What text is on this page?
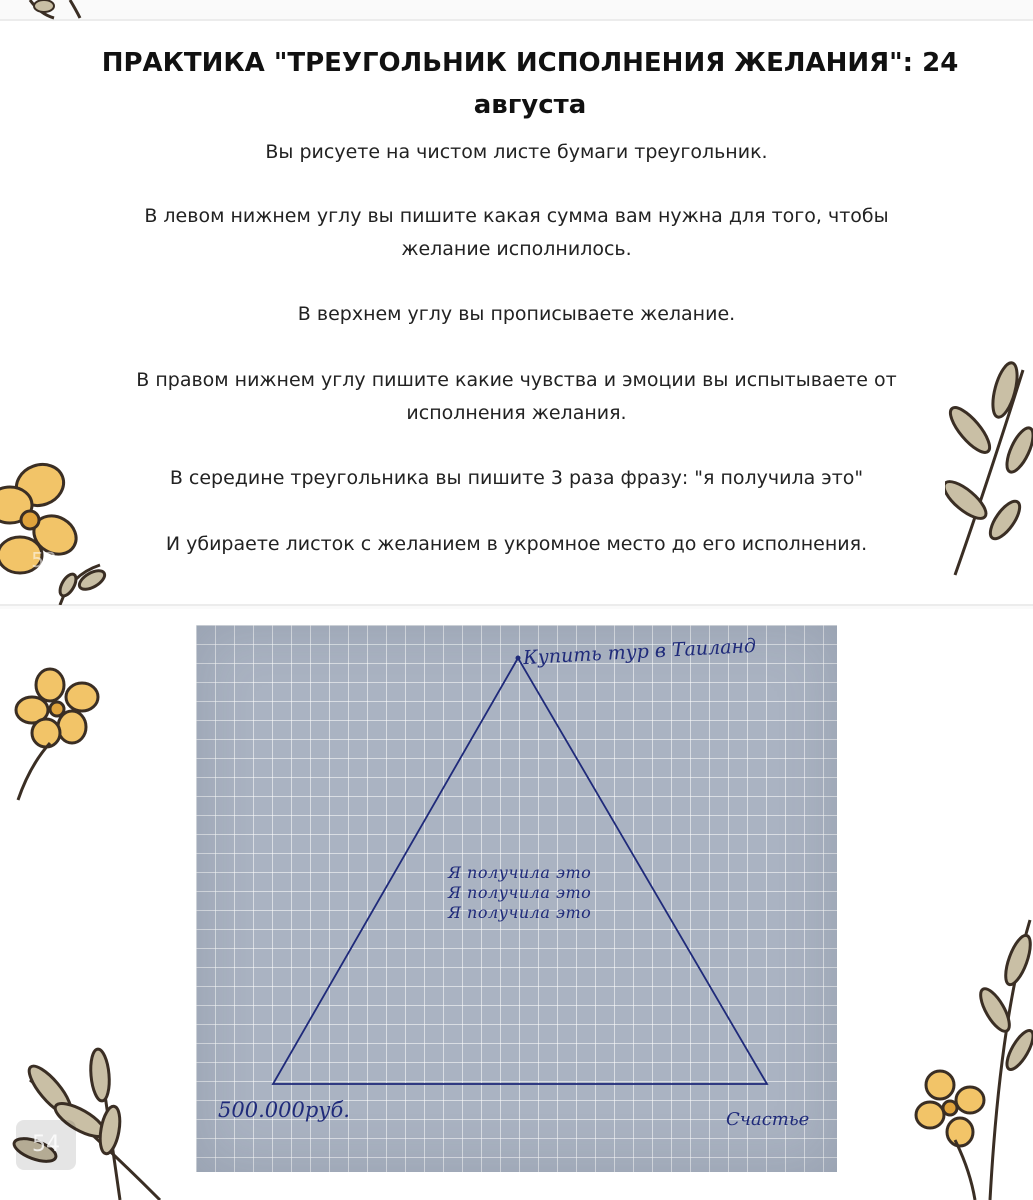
ПРАКТИКА "ТРЕУГОЛЬНИК ИСПОЛНЕНИЯ ЖЕЛАНИЯ": 24 августа

Вы рисуете на чистом листе бумаги треугольник.

В левом нижнем углу вы пишите какая сумма вам нужна для того, чтобы желание исполнилось.

В верхнем углу вы прописываете желание.

В правом нижнем углу пишите какие чувства и эмоции вы испытываете от исполнения желания.

В середине треугольника вы пишите 3 раза фразу: "я получила это"

И убираете листок с желанием в укромное место до его исполнения.

Купить тур в Таиланд
500.000руб.	Счастье
Я получила это
Я получила это
Я получила это
53
54
